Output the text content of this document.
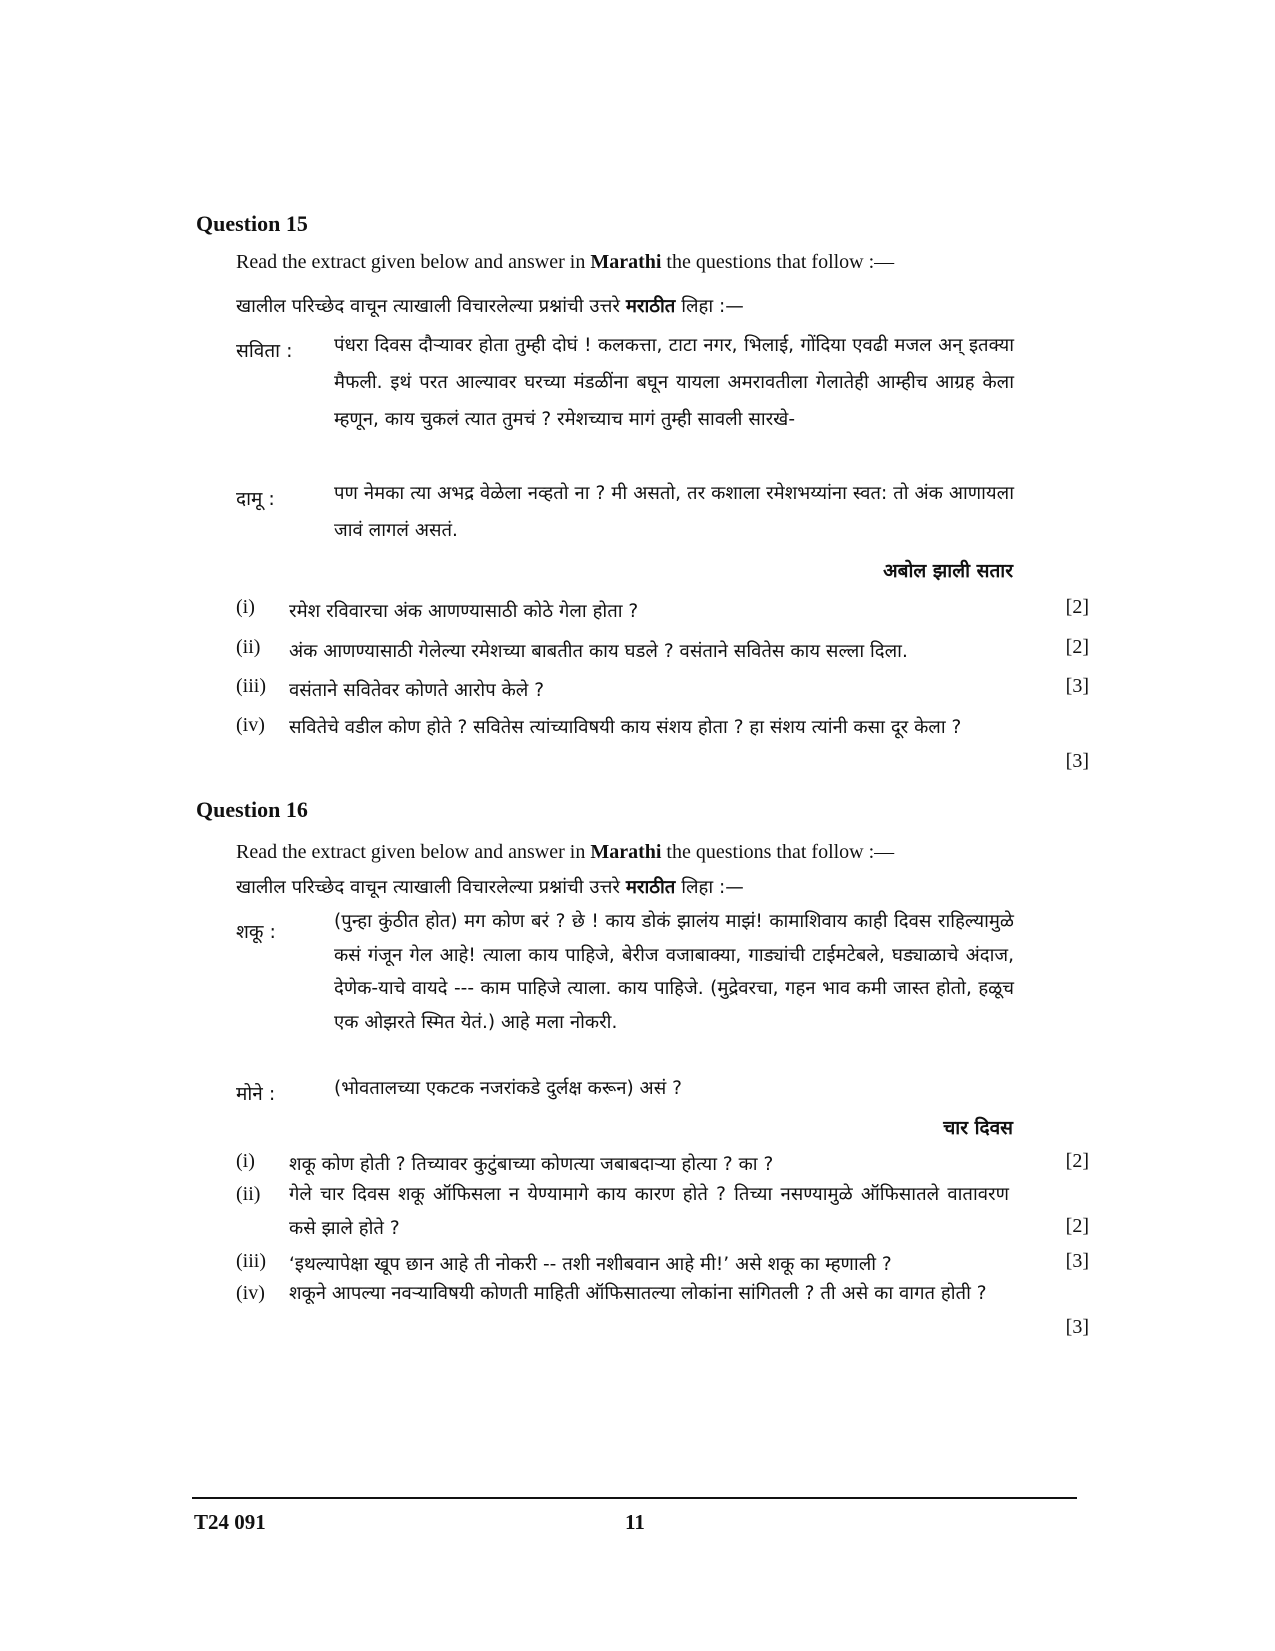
Question 15
Read the extract given below and answer in Marathi the questions that follow :—
खालील परिच्छेद वाचून त्याखाली विचारलेल्या प्रश्नांची उत्तरे मराठीत लिहा :—
सविता : पंधरा दिवस दौऱ्यावर होता तुम्ही दोघं ! कलकत्ता, टाटा नगर, भिलाई, गोंदिया एवढी मजल अन् इतक्या मैफली. इथं परत आल्यावर घरच्या मंडळींना बघून यायला अमरावतीला गेलातेही आम्हीच आग्रह केला म्हणून, काय चुकलं त्यात तुमचं ? रमेशच्याच मागं तुम्ही सावली सारखे-
दामू :	पण नेमका त्या अभद्र वेळेला नव्हतो ना ? मी असतो, तर कशाला रमेशभय्यांना स्वत: तो अंक आणायला जावं लागलं असतं.
अबोल झाली सतार
(i) रमेश रविवारचा अंक आणण्यासाठी कोठे गेला होता ?	[2]
(ii) अंक आणण्यासाठी गेलेल्या रमेशच्या बाबतीत काय घडले ? वसंताने सवितेस काय सल्ला दिला.	[2]
(iii) वसंताने सवितेवर कोणते आरोप केले ?	[3]
(iv) सवितेचे वडील कोण होते ? सवितेस त्यांच्याविषयी काय संशय होता ? हा संशय त्यांनी कसा दूर केला ?
[3]
Question 16
Read the extract given below and answer in Marathi the questions that follow :—
खालील परिच्छेद वाचून त्याखाली विचारलेल्या प्रश्नांची उत्तरे मराठीत लिहा :—
शकू :	(पुन्हा कुंठीत होत) मग कोण बरं ? छे ! काय डोकं झालंय माझं! कामाशिवाय काही दिवस राहिल्यामुळे कसं गंजून गेल आहे! त्याला काय पाहिजे, बेरीज वजाबाक्या, गाड्यांची टाईमटेबले, घड्याळाचे अंदाज, देणेक-याचे वायदे --- काम पाहिजे त्याला. काय पाहिजे. (मुद्रेवरचा, गहन भाव कमी जास्त होतो, हळूच एक ओझरते स्मित येतं.) आहे मला नोकरी.
मोने :	(भोवतालच्या एकटक नजरांकडे दुर्लक्ष करून) असं ?
चार दिवस
(i) शकू कोण होती ? तिच्यावर कुटुंबाच्या कोणत्या जबाबदाऱ्या होत्या ? का ?	[2]
(ii) गेले चार दिवस शकू ऑफिसला न येण्यामागे काय कारण होते ? तिच्या नसण्यामुळे ऑफिसातले वातावरण कसे झाले होते ?	[2]
(iii) ‘इथल्यापेक्षा खूप छान आहे ती नोकरी -- तशी नशीबवान आहे मी!’ असे शकू का म्हणाली ?	[3]
(iv) शकूने आपल्या नवऱ्याविषयी कोणती माहिती ऑफिसातल्या लोकांना सांगितली ? ती असे का वागत होती ?
[3]
T24 091	11
